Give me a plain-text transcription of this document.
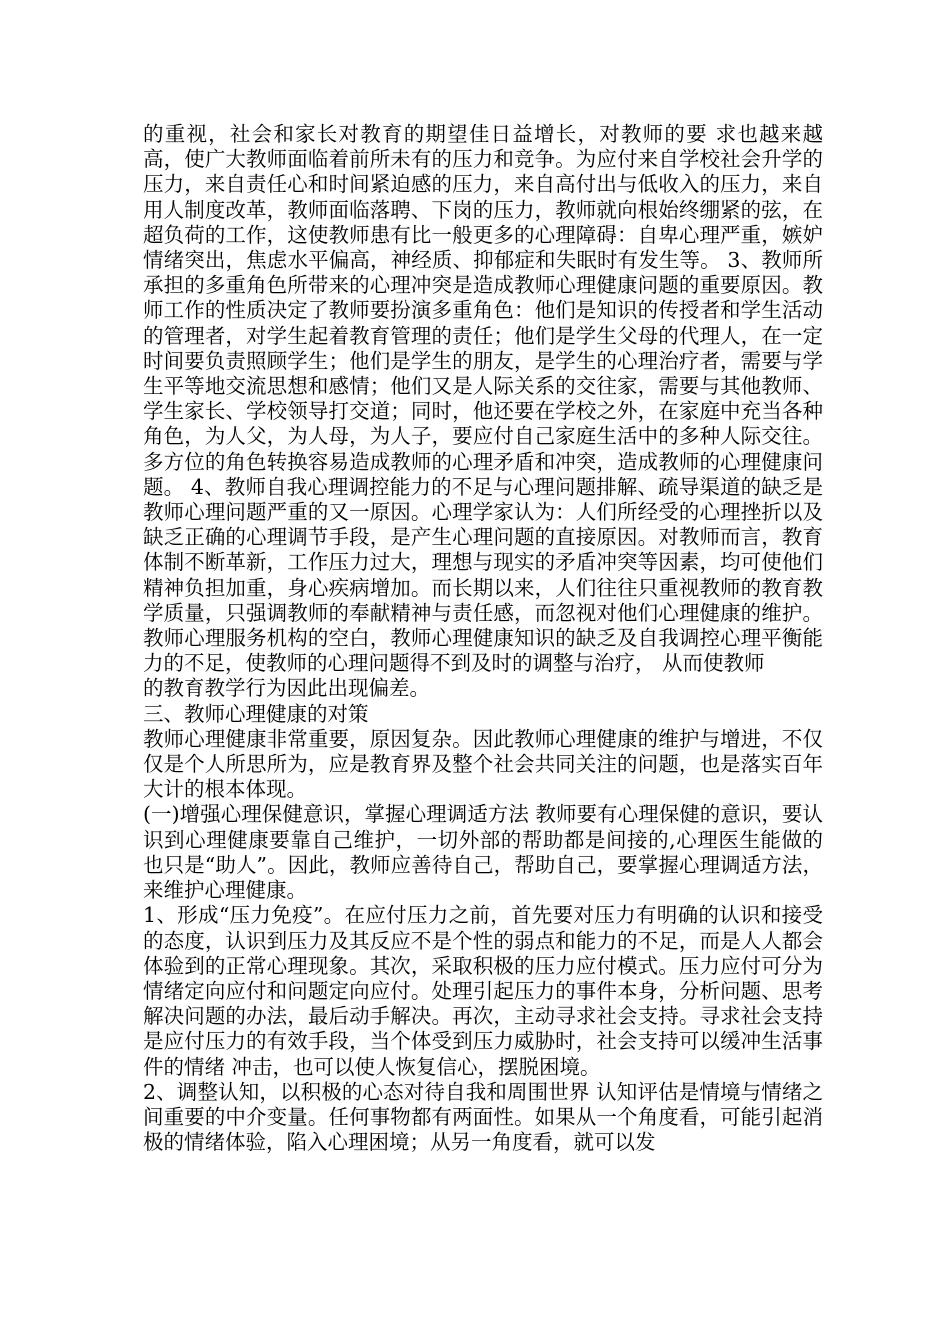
的重视，社会和家长对教育的期望佳日益增长，对教师的要 求也越来越高，使广大教师面临着前所未有的压力和竞争。为应付来自学校社会升学的压力，来自责任心和时间紧迫感的压力，来自高付出与低收入的压力，来自用人制度改革，教师面临落聘、下岗的压力，教师就向根始终绷紧的弦，在超负荷的工作，这使教师患有比一般更多的心理障碍：自卑心理严重，嫉妒情绪突出，焦虑水平偏高，神经质、抑郁症和失眠时有发生等。 3、教师所承担的多重角色所带来的心理冲突是造成教师心理健康问题的重要原因。教师工作的性质决定了教师要扮演多重角色：他们是知识的传授者和学生活动的管理者，对学生起着教育管理的责任；他们是学生父母的代理人，在一定时间要负责照顾学生；他们是学生的朋友，是学生的心理治疗者，需要与学生平等地交流思想和感情；他们又是人际关系的交往家，需要与其他教师、学生家长、学校领导打交道；同时，他还要在学校之外，在家庭中充当各种角色，为人父，为人母，为人子，要应付自己家庭生活中的多种人际交往。多方位的角色转换容易造成教师的心理矛盾和冲突，造成教师的心理健康问题。 4、教师自我心理调控能力的不足与心理问题排解、疏导渠道的缺乏是教师心理问题严重的又一原因。心理学家认为：人们所经受的心理挫折以及缺乏正确的心理调节手段，是产生心理问题的直接原因。对教师而言，教育体制不断革新，工作压力过大，理想与现实的矛盾冲突等因素，均可使他们精神负担加重，身心疾病增加。而长期以来，人们往往只重视教师的教育教学质量，只强调教师的奉献精神与责任感，而忽视对他们心理健康的维护。教师心理服务机构的空白，教师心理健康知识的缺乏及自我调控心理平衡能力的不足，使教师的心理问题得不到及时的调整与治疗， 从而使教师

的教育教学行为因此出现偏差。

三、教师心理健康的对策

教师心理健康非常重要，原因复杂。因此教师心理健康的维护与增进，不仅仅是个人所思所为，应是教育界及整个社会共同关注的问题，也是落实百年大计的根本体现。

(一)增强心理保健意识，掌握心理调适方法 教师要有心理保健的意识，要认识到心理健康要靠自己维护，一切外部的帮助都是间接的,心理医生能做的也只是“助人”。因此，教师应善待自己，帮助自己，要掌握心理调适方法，来维护心理健康。

1、形成“压力免疫”。在应付压力之前，首先要对压力有明确的认识和接受的态度，认识到压力及其反应不是个性的弱点和能力的不足，而是人人都会体验到的正常心理现象。其次，采取积极的压力应付模式。压力应付可分为情绪定向应付和问题定向应付。处理引起压力的事件本身，分析问题、思考解决问题的办法，最后动手解决。再次，主动寻求社会支持。寻求社会支持是应付压力的有效手段，当个体受到压力威胁时，社会支持可以缓冲生活事件的情绪 冲击，也可以使人恢复信心，摆脱困境。

2、调整认知，以积极的心态对待自我和周围世界 认知评估是情境与情绪之间重要的中介变量。任何事物都有两面性。如果从一个角度看，可能引起消极的情绪体验，陷入心理困境；从另一角度看，就可以发
